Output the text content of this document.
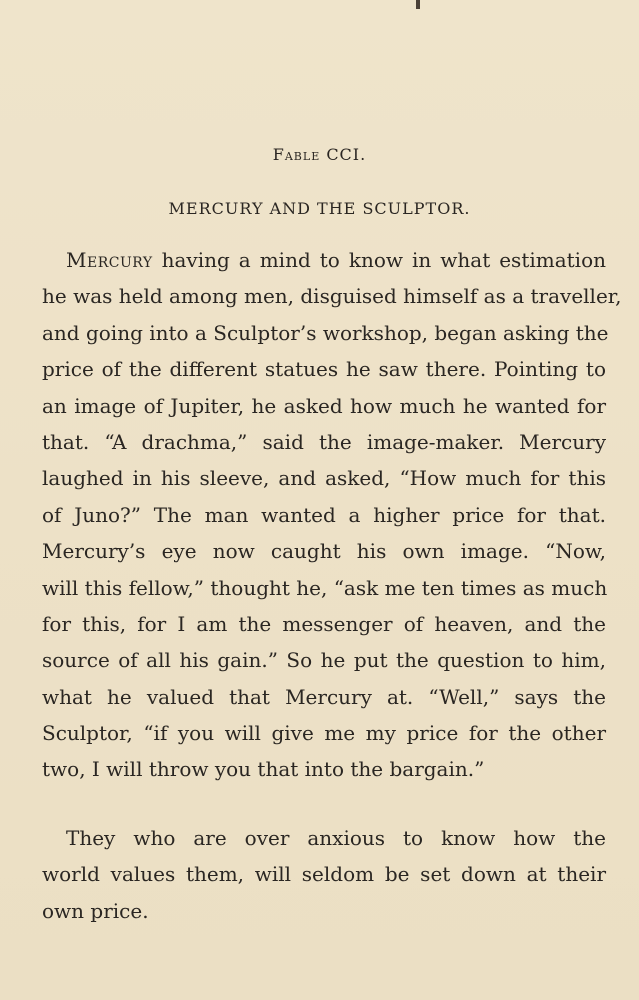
Fable CCI.
MERCURY AND THE SCULPTOR.
Mercury having a mind to know in what estimation
he was held among men, disguised himself as a traveller,
and going into a Sculptor’s workshop, began asking the
price of the different statues he saw there. Pointing to
an image of Jupiter, he asked how much he wanted for
that. “A drachma,” said the image-maker. Mercury
laughed in his sleeve, and asked, “How much for this
of Juno?” The man wanted a higher price for that.
Mercury’s eye now caught his own image. “Now,
will this fellow,” thought he, “ask me ten times as much
for this, for I am the messenger of heaven, and the
source of all his gain.” So he put the question to him,
what he valued that Mercury at. “Well,” says the
Sculptor, “if you will give me my price for the other
two, I will throw you that into the bargain.”
They who are over anxious to know how the
world values them, will seldom be set down at their
own price.
